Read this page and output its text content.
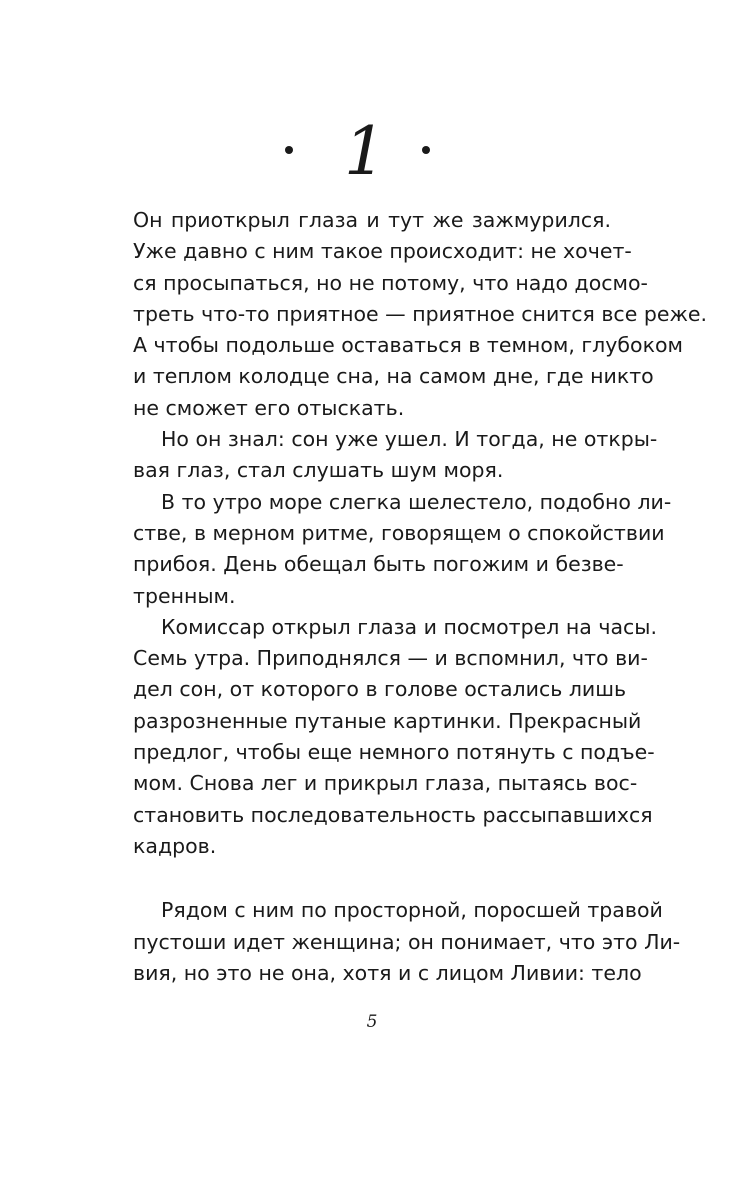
1
Он приоткрыл глаза и тут же зажмурился.
Уже давно с ним такое происходит: не хочет-
ся просыпаться, но не потому, что надо досмо-
треть что-то приятное — приятное снится все реже.
А чтобы подольше оставаться в темном, глубоком
и теплом колодце сна, на самом дне, где никто
не сможет его отыскать.
Но он знал: сон уже ушел. И тогда, не откры-
вая глаз, стал слушать шум моря.
В то утро море слегка шелестело, подобно ли-
стве, в мерном ритме, говорящем о спокойствии
прибоя. День обещал быть погожим и безве-
тренным.
Комиссар открыл глаза и посмотрел на часы.
Семь утра. Приподнялся — и вспомнил, что ви-
дел сон, от которого в голове остались лишь
разрозненные путаные картинки. Прекрасный
предлог, чтобы еще немного потянуть с подъе-
мом. Снова лег и прикрыл глаза, пытаясь вос-
становить последовательность рассыпавшихся
кадров.
Рядом с ним по просторной, поросшей травой
пустоши идет женщина; он понимает, что это Ли-
вия, но это не она, хотя и с лицом Ливии: тело
5
